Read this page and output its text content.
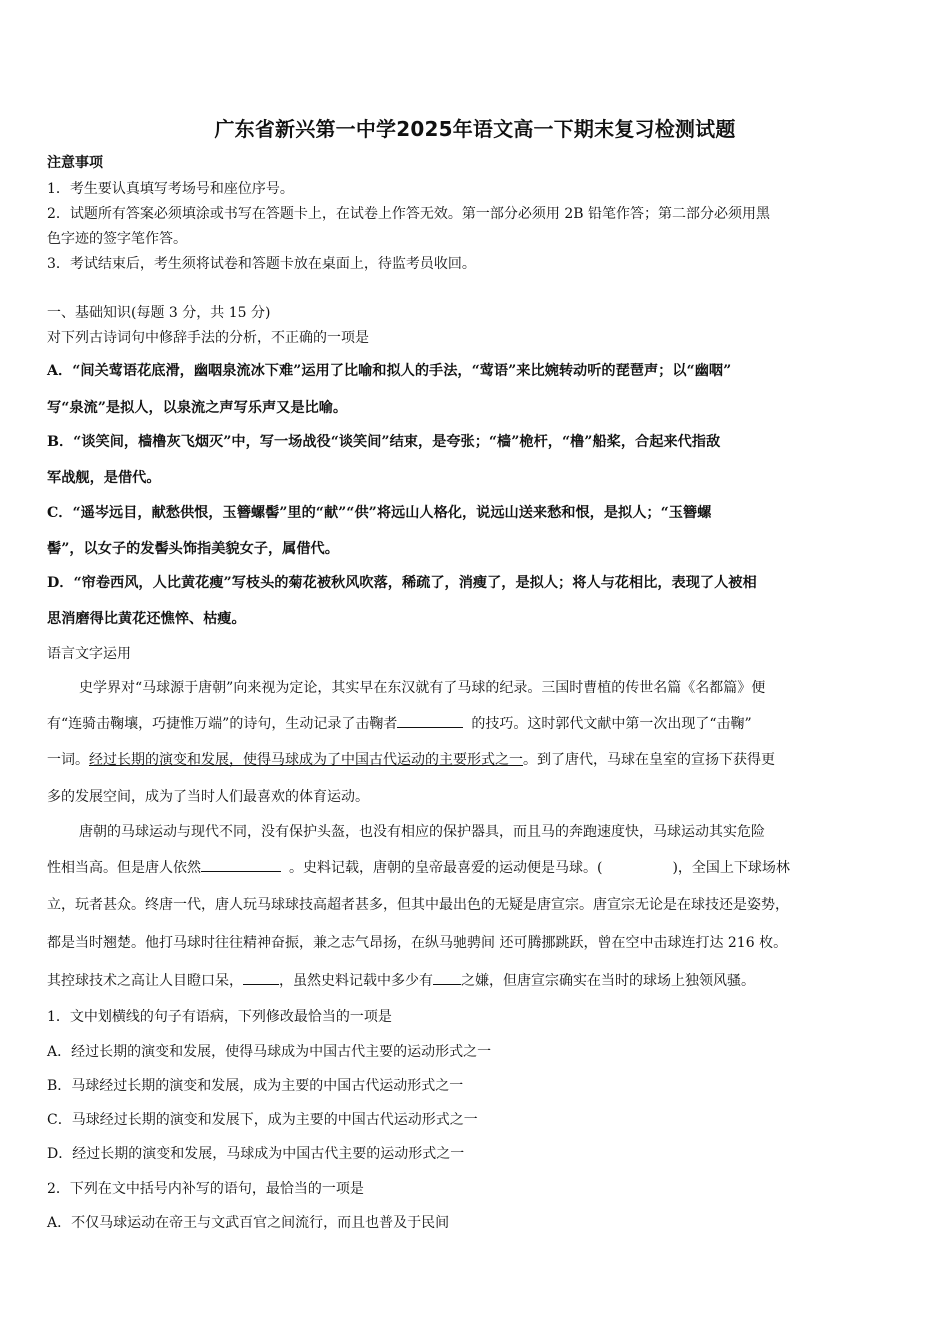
广东省新兴第一中学2025年语文高一下期末复习检测试题
注意事项
1．考生要认真填写考场号和座位序号。
2．试题所有答案必须填涂或书写在答题卡上，在试卷上作答无效。第一部分必须用 2B 铅笔作答；第二部分必须用黑
色字迹的签字笔作答。
3．考试结束后，考生须将试卷和答题卡放在桌面上，待监考员收回。
一、基础知识(每题 3 分，共 15 分)
对下列古诗词句中修辞手法的分析，不正确的一项是
A．“间关莺语花底滑，幽咽泉流冰下难”运用了比喻和拟人的手法，“莺语”来比婉转动听的琵琶声；以“幽咽”
写“泉流”是拟人，以泉流之声写乐声又是比喻。
B．“谈笑间，樯橹灰飞烟灭”中，写一场战役“谈笑间”结束，是夸张；“樯”桅杆，“橹”船桨，合起来代指敌
军战舰，是借代。
C．“遥岑远目，献愁供恨，玉簪螺髻”里的“献”“供”将远山人格化，说远山送来愁和恨，是拟人；“玉簪螺
髻”，以女子的发髻头饰指美貌女子，属借代。
D．“帘卷西风，人比黄花瘦”写枝头的菊花被秋风吹落，稀疏了，消瘦了，是拟人；将人与花相比，表现了人被相
思消磨得比黄花还憔悴、枯瘦。
语言文字运用
史学界对“马球源于唐朝”向来视为定论，其实早在东汉就有了马球的纪录。三国时曹植的传世名篇《名都篇》便
有“连骑击鞠壤，巧捷惟万端”的诗句，生动记录了击鞠者	的技巧。这时郭代文献中第一次出现了“击鞠”
一词。经过长期的演变和发展，使得马球成为了中国古代运动的主要形式之一。到了唐代，马球在皇室的宣扬下获得更
多的发展空间，成为了当时人们最喜欢的体育运动。
唐朝的马球运动与现代不同，没有保护头盔，也没有相应的保护器具，而且马的奔跑速度快，马球运动其实危险
性相当高。但是唐人依然	。史料记载，唐朝的皇帝最喜爱的运动便是马球。(	)，全国上下球场林
立，玩者甚众。终唐一代，唐人玩马球球技高超者甚多，但其中最出色的无疑是唐宣宗。唐宣宗无论是在球技还是姿势，
都是当时翘楚。他打马球时往往精神奋振，兼之志气昂扬，在纵马驰骋间 还可腾挪跳跃，曾在空中击球连打达 216 枚。
其控球技术之高让人目瞪口呆，	，虽然史料记载中多少有 之嫌，但唐宣宗确实在当时的球场上独领风骚。
1．文中划横线的句子有语病，下列修改最恰当的一项是
A．经过长期的演变和发展，使得马球成为中国古代主要的运动形式之一
B．马球经过长期的演变和发展，成为主要的中国古代运动形式之一
C．马球经过长期的演变和发展下，成为主要的中国古代运动形式之一
D．经过长期的演变和发展，马球成为中国古代主要的运动形式之一
2．下列在文中括号内补写的语句，最恰当的一项是
A．不仅马球运动在帝王与文武百官之间流行，而且也普及于民间
